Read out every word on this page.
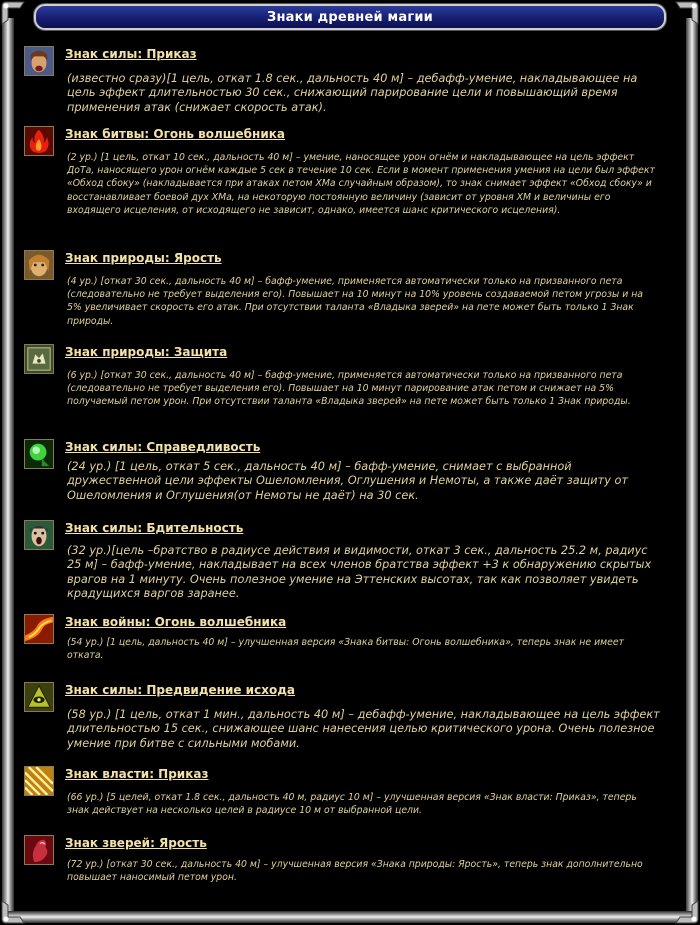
Знаки древней магии
Знак силы: Приказ
(известно сразу)[1 цель, откат 1.8 сек., дальность 40 м] – дебафф-умение, накладывающее на цель эффект длительностью 30 сек., снижающий парирование цели и повышающий время применения атак (снижает скорость атак).
Знак битвы: Огонь волшебника
(2 ур.) [1 цель, откат 10 сек., дальность 40 м] – умение, наносящее урон огнём и накладывающее на цель эффект ДоТа, наносящего урон огнём каждые 5 сек в течение 10 сек. Если в момент применения умения на цели был эффект «Обход сбоку» (накладывается при атаках петом ХМа случайным образом), то знак снимает эффект «Обход сбоку» и восстанавливает боевой дух ХМа, на некоторую постоянную величину (зависит от уровня ХМ и величины его входящего исцеления, от исходящего не зависит, однако, имеется шанс критического исцеления).
Знак природы: Ярость
(4 ур.) [откат 30 сек., дальность 40 м] – бафф-умение, применяется автоматически только на призванного пета (следовательно не требует выделения его). Повышает на 10 минут на 10% уровень создаваемой петом угрозы и на 5% увеличивает скорость его атак. При отсутствии таланта «Владыка зверей» на пете может быть только 1 Знак природы.
Знак природы: Защита
(6 ур.) [откат 30 сек., дальность 40 м] – бафф-умение, применяется автоматически только на призванного пета (следовательно не требует выделения его). Повышает на 10 минут парирование атак петом и снижает на 5% получаемый петом урон. При отсутствии таланта «Владыка зверей» на пете может быть только 1 Знак природы.
Знак силы: Справедливость
(24 ур.) [1 цель, откат 5 сек., дальность 40 м] – бафф-умение, снимает с выбранной дружественной цели эффекты Ошеломления, Оглушения и Немоты, а также даёт защиту от Ошеломления и Оглушения(от Немоты не даёт) на 30 сек.
Знак силы: Бдительность
(32 ур.)[цель –братство в радиусе действия и видимости, откат 3 сек., дальность 25.2 м, радиус 25 м] – бафф-умение, накладывает на всех членов братства эффект +3 к обнаружению скрытых врагов на 1 минуту. Очень полезное умение на Эттенских высотах, так как позволяет увидеть крадущихся варгов заранее.
Знак войны: Огонь волшебника
(54 ур.) [1 цель, дальность 40 м] – улучшенная версия «Знака битвы: Огонь волшебника», теперь знак не имеет отката.
Знак силы: Предвидение исхода
(58 ур.) [1 цель, откат 1 мин., дальность 40 м] – дебафф-умение, накладывающее на цель эффект длительностью 15 сек., снижающее шанс нанесения целью критического урона. Очень полезное умение при битве с сильными мобами.
Знак власти: Приказ
(66 ур.) [5 целей, откат 1.8 сек., дальность 40 м, радиус 10 м] – улучшенная версия «Знак власти: Приказ», теперь знак действует на несколько целей в радиусе 10 м от выбранной цели.
Знак зверей: Ярость
(72 ур.) [откат 30 сек., дальность 40 м] – улучшенная версия «Знака природы: Ярость», теперь знак дополнительно повышает наносимый петом урон.
